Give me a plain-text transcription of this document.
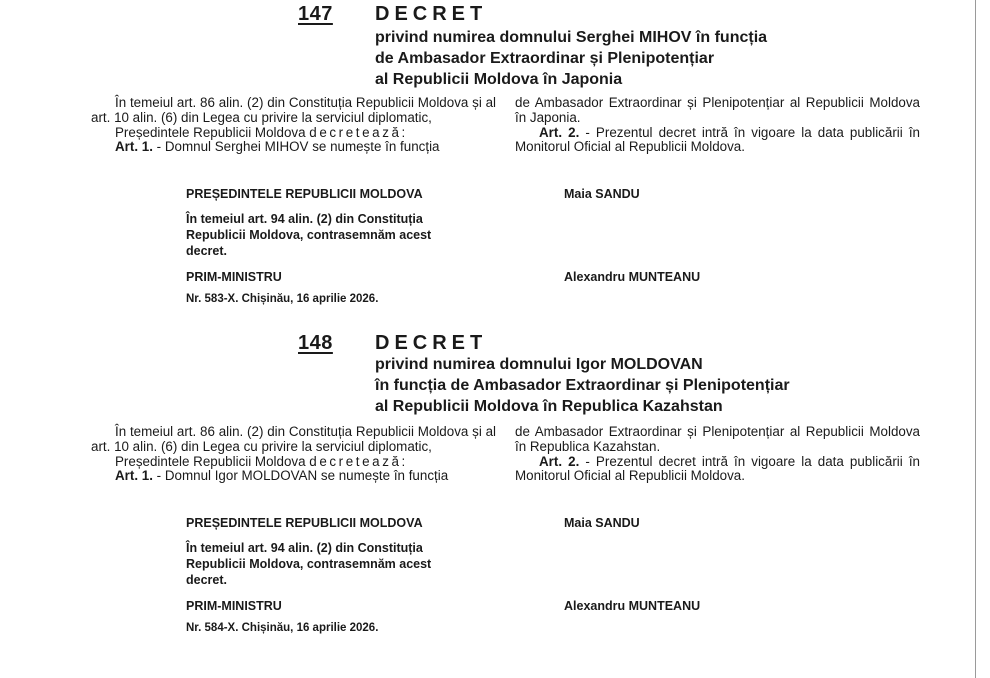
147 DECRET
privind numirea domnului Serghei MIHOV în funcția
de Ambasador Extraordinar și Plenipotențiar
al Republicii Moldova în Japonia

În temeiul art. 86 alin. (2) din Constituția Republicii Moldova și al art. 10 alin. (6) din Legea cu privire la serviciul diplomatic,

Președintele Republicii Moldova decretează:

Art. 1. - Domnul Serghei MIHOV se numește în funcția

de Ambasador Extraordinar și Plenipotențiar al Republicii Moldova în Japonia.

Art. 2. - Prezentul decret intră în vigoare la data publicării în Monitorul Oficial al Republicii Moldova.

PREȘEDINTELE REPUBLICII MOLDOVA	Maia SANDU
În temeiul art. 94 alin. (2) din Constituția Republicii Moldova, contrasemnăm acest decret.
PRIM-MINISTRU	Alexandru MUNTEANU
Nr. 583-X. Chișinău, 16 aprilie 2026.
148 DECRET
privind numirea domnului Igor MOLDOVAN
în funcția de Ambasador Extraordinar și Plenipotențiar
al Republicii Moldova în Republica Kazahstan

În temeiul art. 86 alin. (2) din Constituția Republicii Moldova și al art. 10 alin. (6) din Legea cu privire la serviciul diplomatic,

Președintele Republicii Moldova decretează:

Art. 1. - Domnul Igor MOLDOVAN se numește în funcția

de Ambasador Extraordinar și Plenipotențiar al Republicii Moldova în Republica Kazahstan.

Art. 2. - Prezentul decret intră în vigoare la data publicării în Monitorul Oficial al Republicii Moldova.

PREȘEDINTELE REPUBLICII MOLDOVA	Maia SANDU
În temeiul art. 94 alin. (2) din Constituția Republicii Moldova, contrasemnăm acest decret.
PRIM-MINISTRU	Alexandru MUNTEANU
Nr. 584-X. Chișinău, 16 aprilie 2026.
